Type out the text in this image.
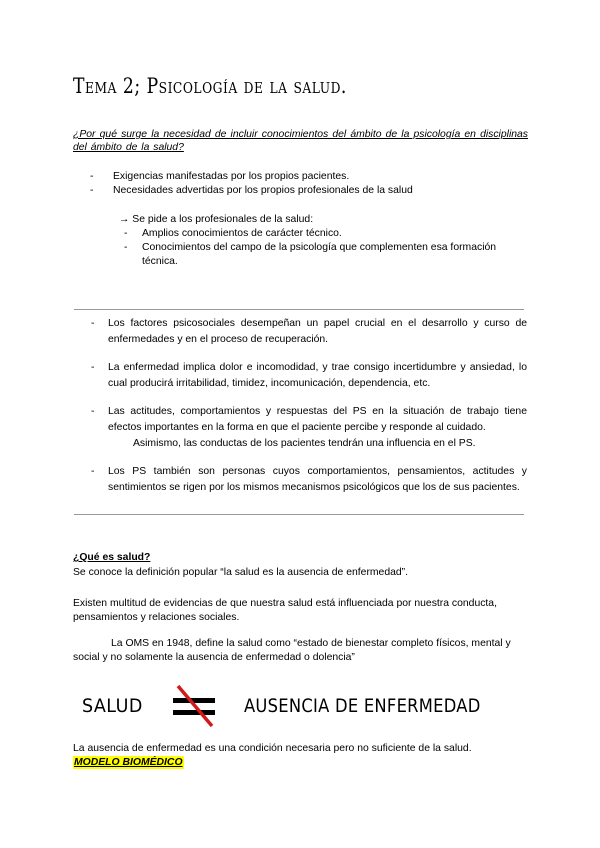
Tema 2; Psicología de la salud.

¿Por qué surge la necesidad de incluir conocimientos del ámbito de la psicología en disciplinas del ámbito de la salud?

- Exigencias manifestadas por los propios pacientes.
- Necesidades advertidas por los propios profesionales de la salud

→ Se pide a los profesionales de la salud:

- Amplios conocimientos de carácter técnico.
- Conocimientos del campo de la psicología que complementen esa formación técnica.
- Los factores psicosociales desempeñan un papel crucial en el desarrollo y curso de enfermedades y en el proceso de recuperación.
- La enfermedad implica dolor e incomodidad, y trae consigo incertidumbre y ansiedad, lo cual producirá irritabilidad, timidez, incomunicación, dependencia, etc.
- Las actitudes, comportamientos y respuestas del PS en la situación de trabajo tiene efectos importantes en la forma en que el paciente percibe y responde al cuidado.
Asimismo, las conductas de los pacientes tendrán una influencia en el PS.
- Los PS también son personas cuyos comportamientos, pensamientos, actitudes y sentimientos se rigen por los mismos mecanismos psicológicos que los de sus pacientes.

¿Qué es salud?

Se conoce la definición popular “la salud es la ausencia de enfermedad”.

Existen multitud de evidencias de que nuestra salud está influenciada por nuestra conducta, pensamientos y relaciones sociales.

La OMS en 1948, define la salud como “estado de bienestar completo físicos, mental y social y no solamente la ausencia de enfermedad o dolencia”

SALUD	AUSENCIA DE ENFERMEDAD

La ausencia de enfermedad es una condición necesaria pero no suficiente de la salud.

MODELO BIOMÉDICO
